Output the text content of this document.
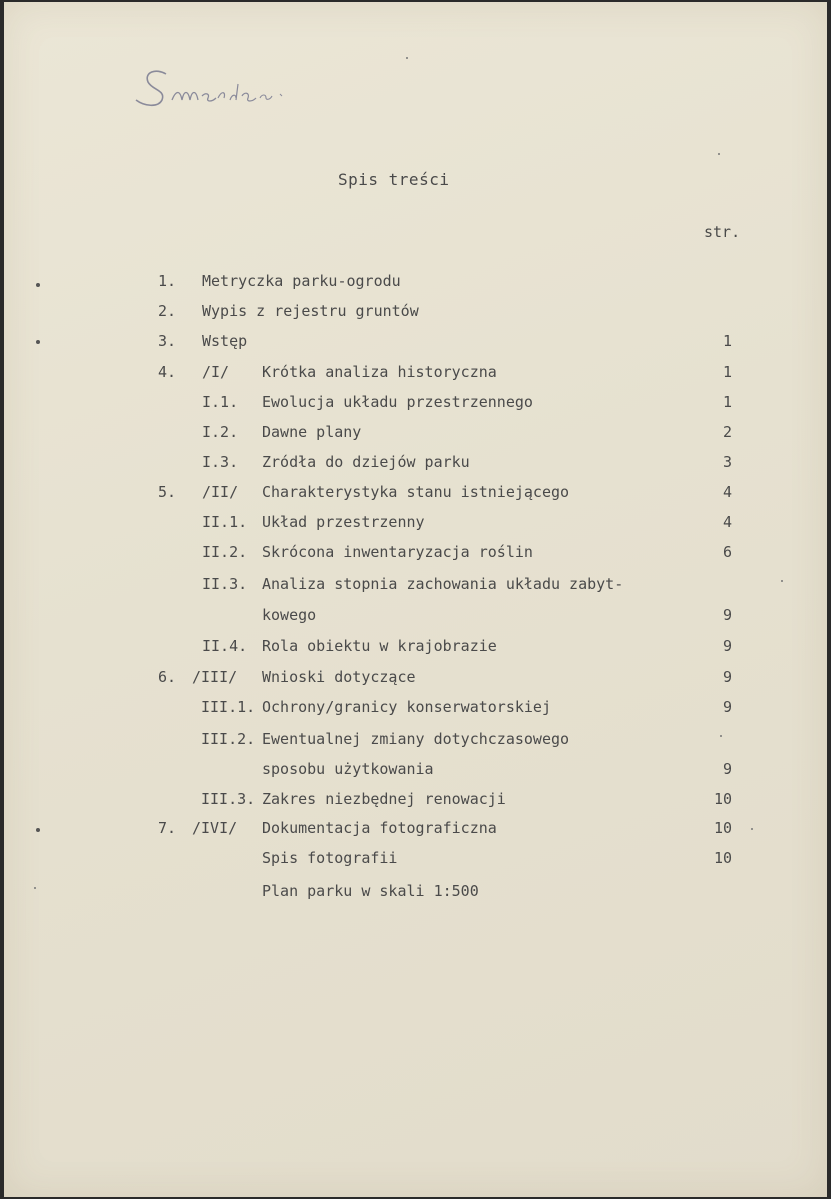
Spis treści
str.
1. Metryczka parku-ogrodu
2. Wypis z rejestru gruntów
3. Wstęp	1
4. /I/ Krótka analiza historyczna	1
I.1. Ewolucja układu przestrzennego	1
I.2. Dawne plany	2
I.3. Zródła do dziejów parku	3
5. /II/ Charakterystyka stanu istniejącego	4
II.1. Układ przestrzenny	4
II.2. Skrócona inwentaryzacja roślin	6
II.3. Analiza stopnia zachowania układu zabyt-
kowego	9
II.4. Rola obiektu w krajobrazie	9
6. /III/ Wnioski dotyczące	9
III.1. Ochrony/granicy konserwatorskiej	9
III.2. Ewentualnej zmiany dotychczasowego
sposobu użytkowania	9
III.3. Zakres niezbędnej renowacji	10
7. /IVI/ Dokumentacja fotograficzna	10
Spis fotografii	10
Plan parku w skali 1:500
